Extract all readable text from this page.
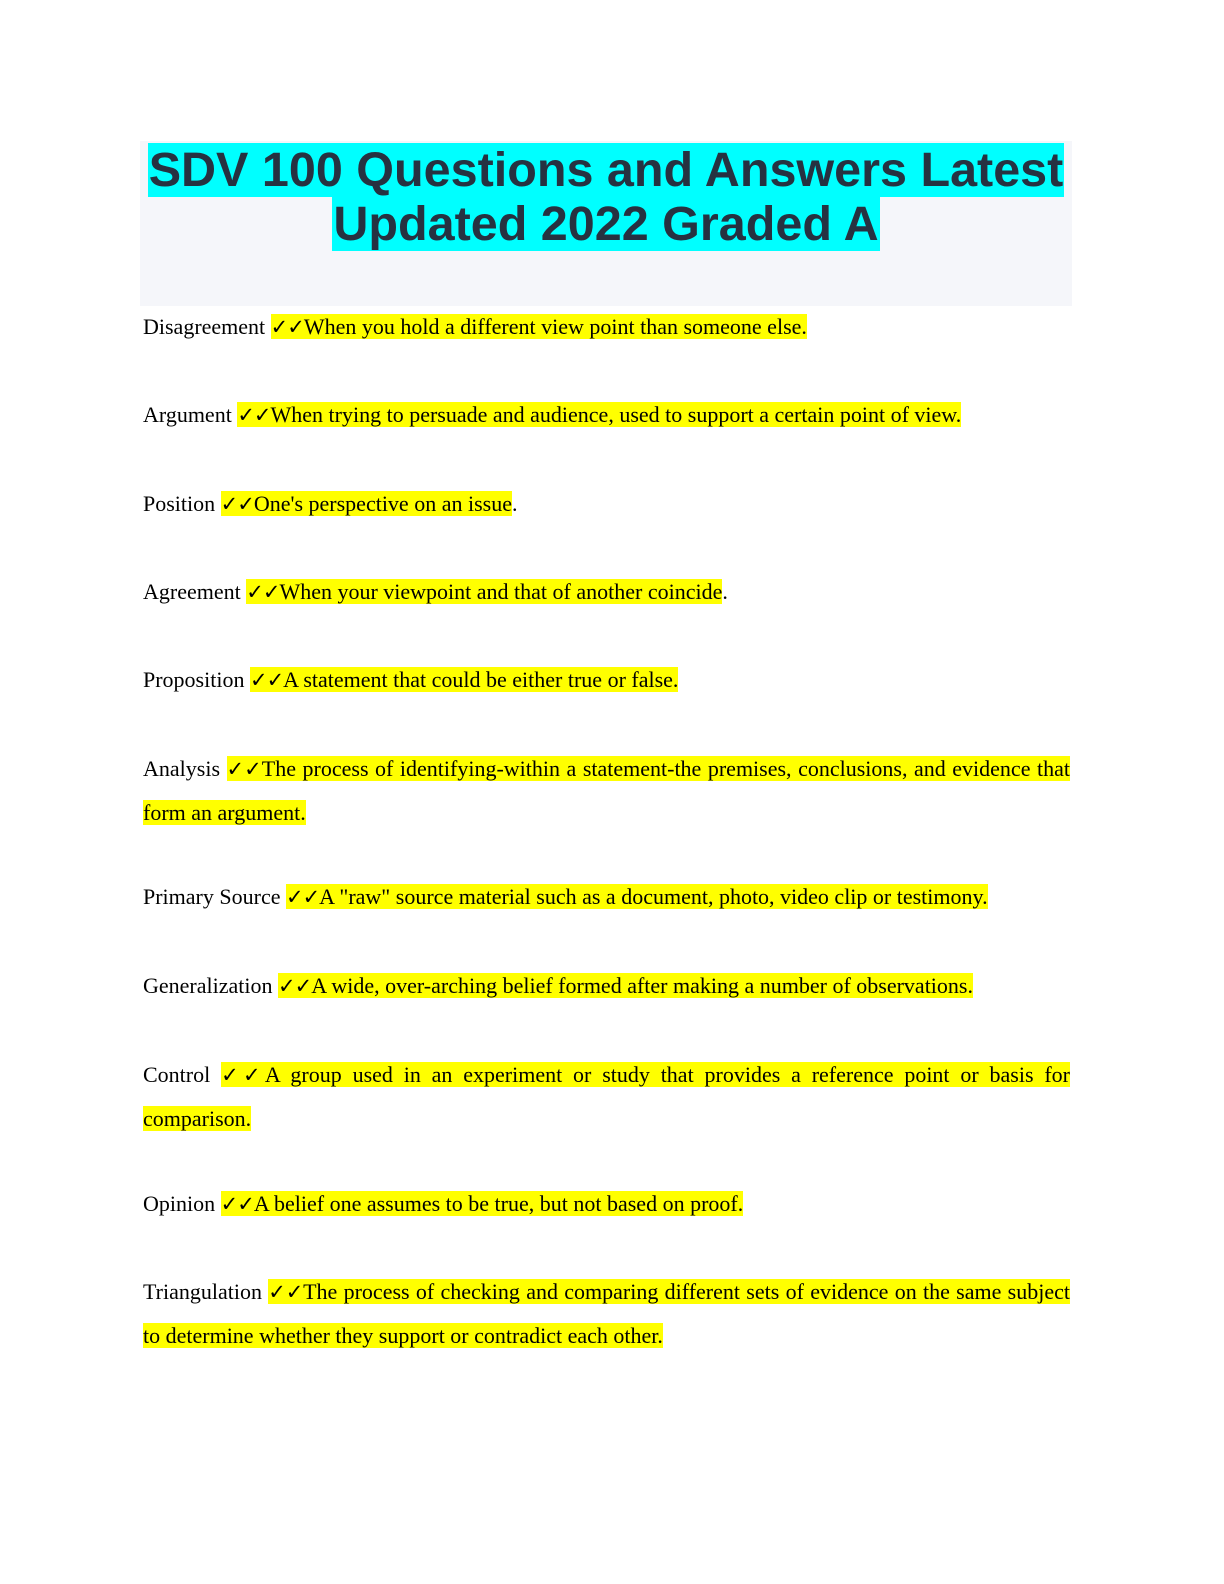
SDV 100 Questions and Answers Latest
Updated 2022 Graded A

Disagreement ✓✓When you hold a different view point than someone else.

Argument ✓✓When trying to persuade and audience, used to support a certain point of view.

Position ✓✓One's perspective on an issue.

Agreement ✓✓When your viewpoint and that of another coincide.

Proposition ✓✓A statement that could be either true or false.

Analysis ✓✓The process of identifying-within a statement-the premises, conclusions, and evidence that form an argument.

Primary Source ✓✓A "raw" source material such as a document, photo, video clip or testimony.

Generalization ✓✓A wide, over-arching belief formed after making a number of observations.

Control ✓✓A group used in an experiment or study that provides a reference point or basis for comparison.

Opinion ✓✓A belief one assumes to be true, but not based on proof.

Triangulation ✓✓The process of checking and comparing different sets of evidence on the same subject to determine whether they support or contradict each other.
